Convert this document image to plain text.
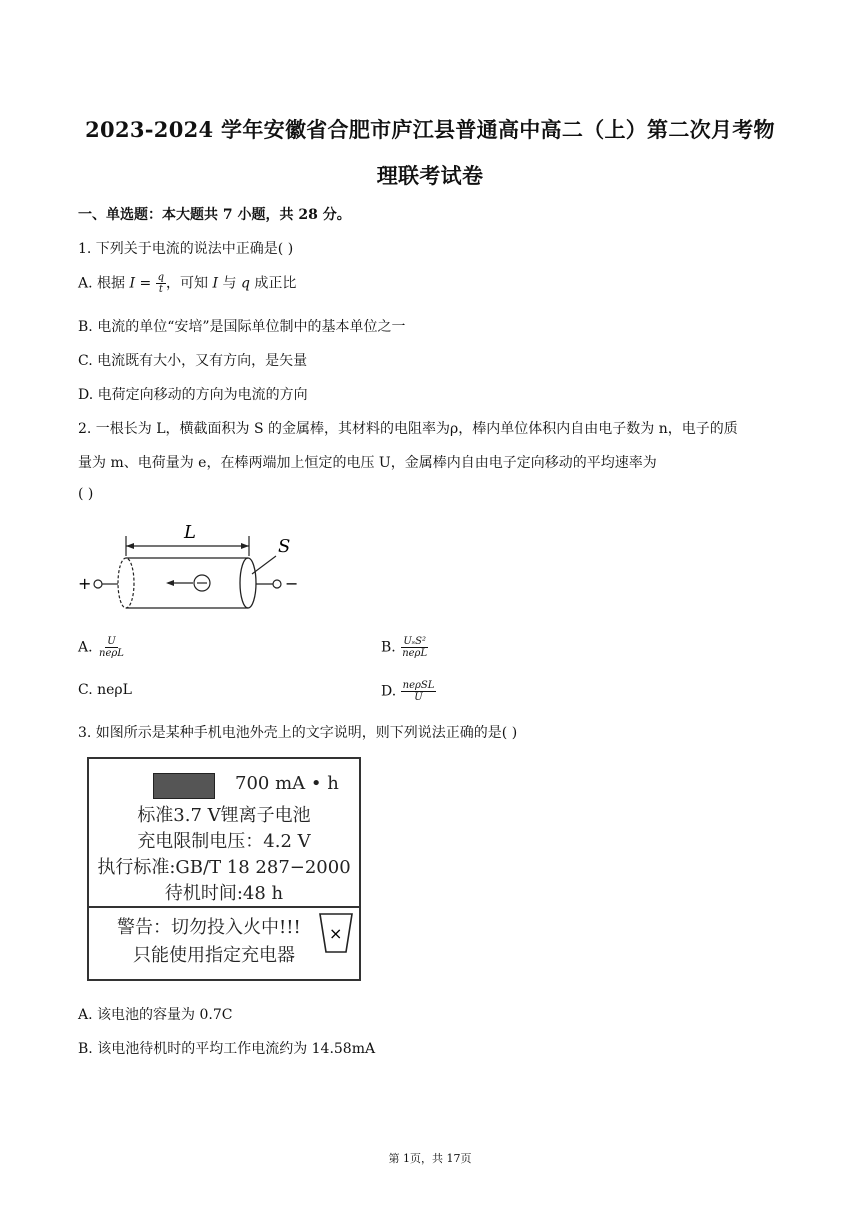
2023-2024 学年安徽省合肥市庐江县普通高中高二（上）第二次月考物
理联考试卷
一、单选题：本大题共 7 小题，共 28 分。
1. 下列关于电流的说法中正确是( )
A. 根据 $I = \frac{q}{t}$ ，可知 I 与 q 成正比
B. 电流的单位“安培”是国际单位制中的基本单位之一
C. 电流既有大小，又有方向，是矢量
D. 电荷定向移动的方向为电流的方向
2. 一根长为 L，横截面积为 S 的金属棒，其材料的电阻率为ρ，棒内单位体积内自由电子数为 n，电子的质
量为 m、电荷量为 e，在棒两端加上恒定的电压 U，金属棒内自由电子定向移动的平均速率为
( )
L
S
+	−
A. $\frac{U}{\text{neρL}}$	B. $\frac{\text{UₛS²}}{\text{neρL}}$
C. neρL	D. $\frac{\text{neρSL}}{U}$
3. 如图所示是某种手机电池外壳上的文字说明，则下列说法正确的是( )
700 mA • h
标准3.7 V锂离子电池
充电限制电压：4.2 V
执行标准:GB/T 18 287−2000
待机时间:48 h
警告：切勿投入火中!!!
只能使用指定充电器
×
A. 该电池的容量为 0.7C
B. 该电池待机时的平均工作电流约为 14.58mA
第 1页，共 17页
